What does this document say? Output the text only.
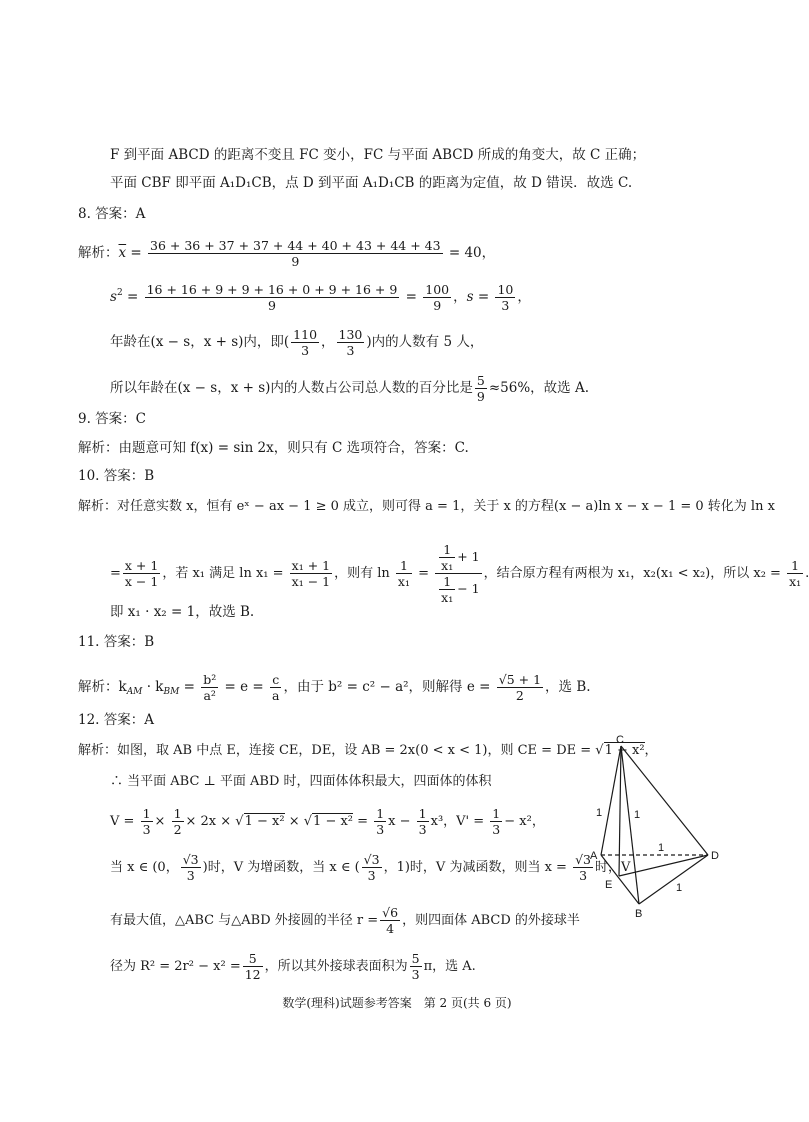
F 到平面 ABCD 的距离不变且 FC 变小，FC 与平面 ABCD 所成的角变大，故 C 正确；
平面 CBF 即平面 A₁D₁CB，点 D 到平面 A₁D₁CB 的距离为定值，故 D 错误．故选 C.
8. 答案：A
解析：$\overline{x} = \frac{36 + 36 + 37 + 37 + 44 + 40 + 43 + 44 + 43}{9} = 40$，
$s^2 = \frac{16 + 16 + 9 + 9 + 16 + 0 + 9 + 16 + 9}{9} = \frac{100}{9}$ ，$s = \frac{10}{3}$ ，
年龄在(x − s，x + s)内，即( $\frac{110}{3}$ ， $\frac{130}{3}$ )内的人数有 5 人，
所以年龄在(x − s，x + s)内的人数占公司总人数的百分比是 $\frac{5}{9} \approx 56\%$，故选 A.
9. 答案：C
解析：由题意可知 f(x) = sin 2x，则只有 C 选项符合，答案：C.
10. 答案：B
解析：对任意实数 x，恒有 eˣ − ax − 1 ≥ 0 成立，则可得 a = 1，关于 x 的方程(x − a)ln x − x − 1 = 0 转化为 ln x
= $\frac{x + 1}{x - 1}$ ，若 x₁ 满足 $\ln x_1 = \frac{\text{x₁ + 1}}{\text{x₁ − 1}}$ ，则有 $\ln \frac{1}{\text{x₁}} = \frac{\frac{1}{\text{x₁}} + 1}{\frac{1}{\text{x₁}} - 1}$ ，结合原方程有两根为 x₁，x₂(x₁ < x₂)，所以 $x_2 = \frac{1}{\text{x₁}}$ .
即 x₁ · x₂ = 1，故选 B.
11. 答案：B
解析：$k_{AM} \cdot k_{BM} = \frac{\text{b²}}{\text{a²}} = e = \frac{c}{a}$ ，由于 b² = c² − a²，则解得 $e = \frac{√5 + 1}{2}$ ，选 B.
12. 答案：A
解析：如图，取 AB 中点 E，连接 CE，DE，设 AB = 2x(0 < x < 1)，则 CE = DE = √1 − x²，
∴ 当平面 ABC ⊥ 平面 ABD 时，四面体体积最大，四面体的体积
$V = \frac{1}{3} \times \frac{1}{2} \times 2x \times √1 - x^2 \times √1 - x^2 = \frac{1}{3}$ $x - \frac{1}{3} x^3$，$V' = \frac{1}{3} - x^2$，
当 x ∈ (0， $\frac{√3}{3}$ )时，V 为增函数，当 x ∈ ( $\frac{√3}{3}$ ，1)时，V 为减函数，则当 $x = \frac{√3}{3}$ 时，V
有最大值，△ABC 与△ABD 外接圆的半径 $r = \frac{√6}{4}$ ，则四面体 ABCD 的外接球半
径为 $R^2 = 2r^2 - x^2 = \frac{5}{12}$ ，所以其外接球表面积为 $\frac{5}{3}$ π，选 A.
C
A	D
E
B
1	1
1
1
数学(理科)试题参考答案　第 2 页(共 6 页)
